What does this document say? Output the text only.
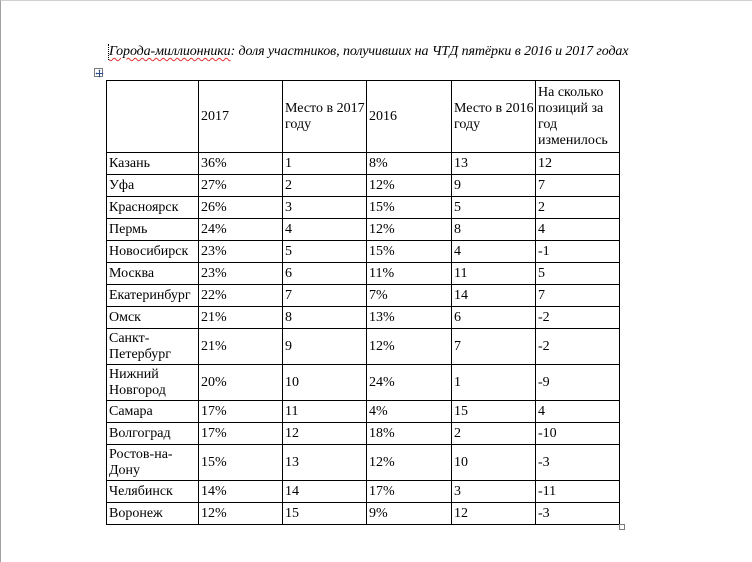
Города-миллионники: доля участников, получивших на ЧТД пятёрки в 2016 и 2017 годах
	2017	Место в 2017 году	2016	Место в 2016 году	На сколько позиций за год изменилось
Казань	36%	1	8%	13	12
Уфа	27%	2	12%	9	7
Красноярск	26%	3	15%	5	2
Пермь	24%	4	12%	8	4
Новосибирск	23%	5	15%	4	-1
Москва	23%	6	11%	11	5
Екатеринбург	22%	7	7%	14	7
Омск	21%	8	13%	6	-2
Санкт-Петербург	21%	9	12%	7	-2
Нижний Новгород	20%	10	24%	1	-9
Самара	17%	11	4%	15	4
Волгоград	17%	12	18%	2	-10
Ростов-на-Дону	15%	13	12%	10	-3
Челябинск	14%	14	17%	3	-11
Воронеж	12%	15	9%	12	-3
